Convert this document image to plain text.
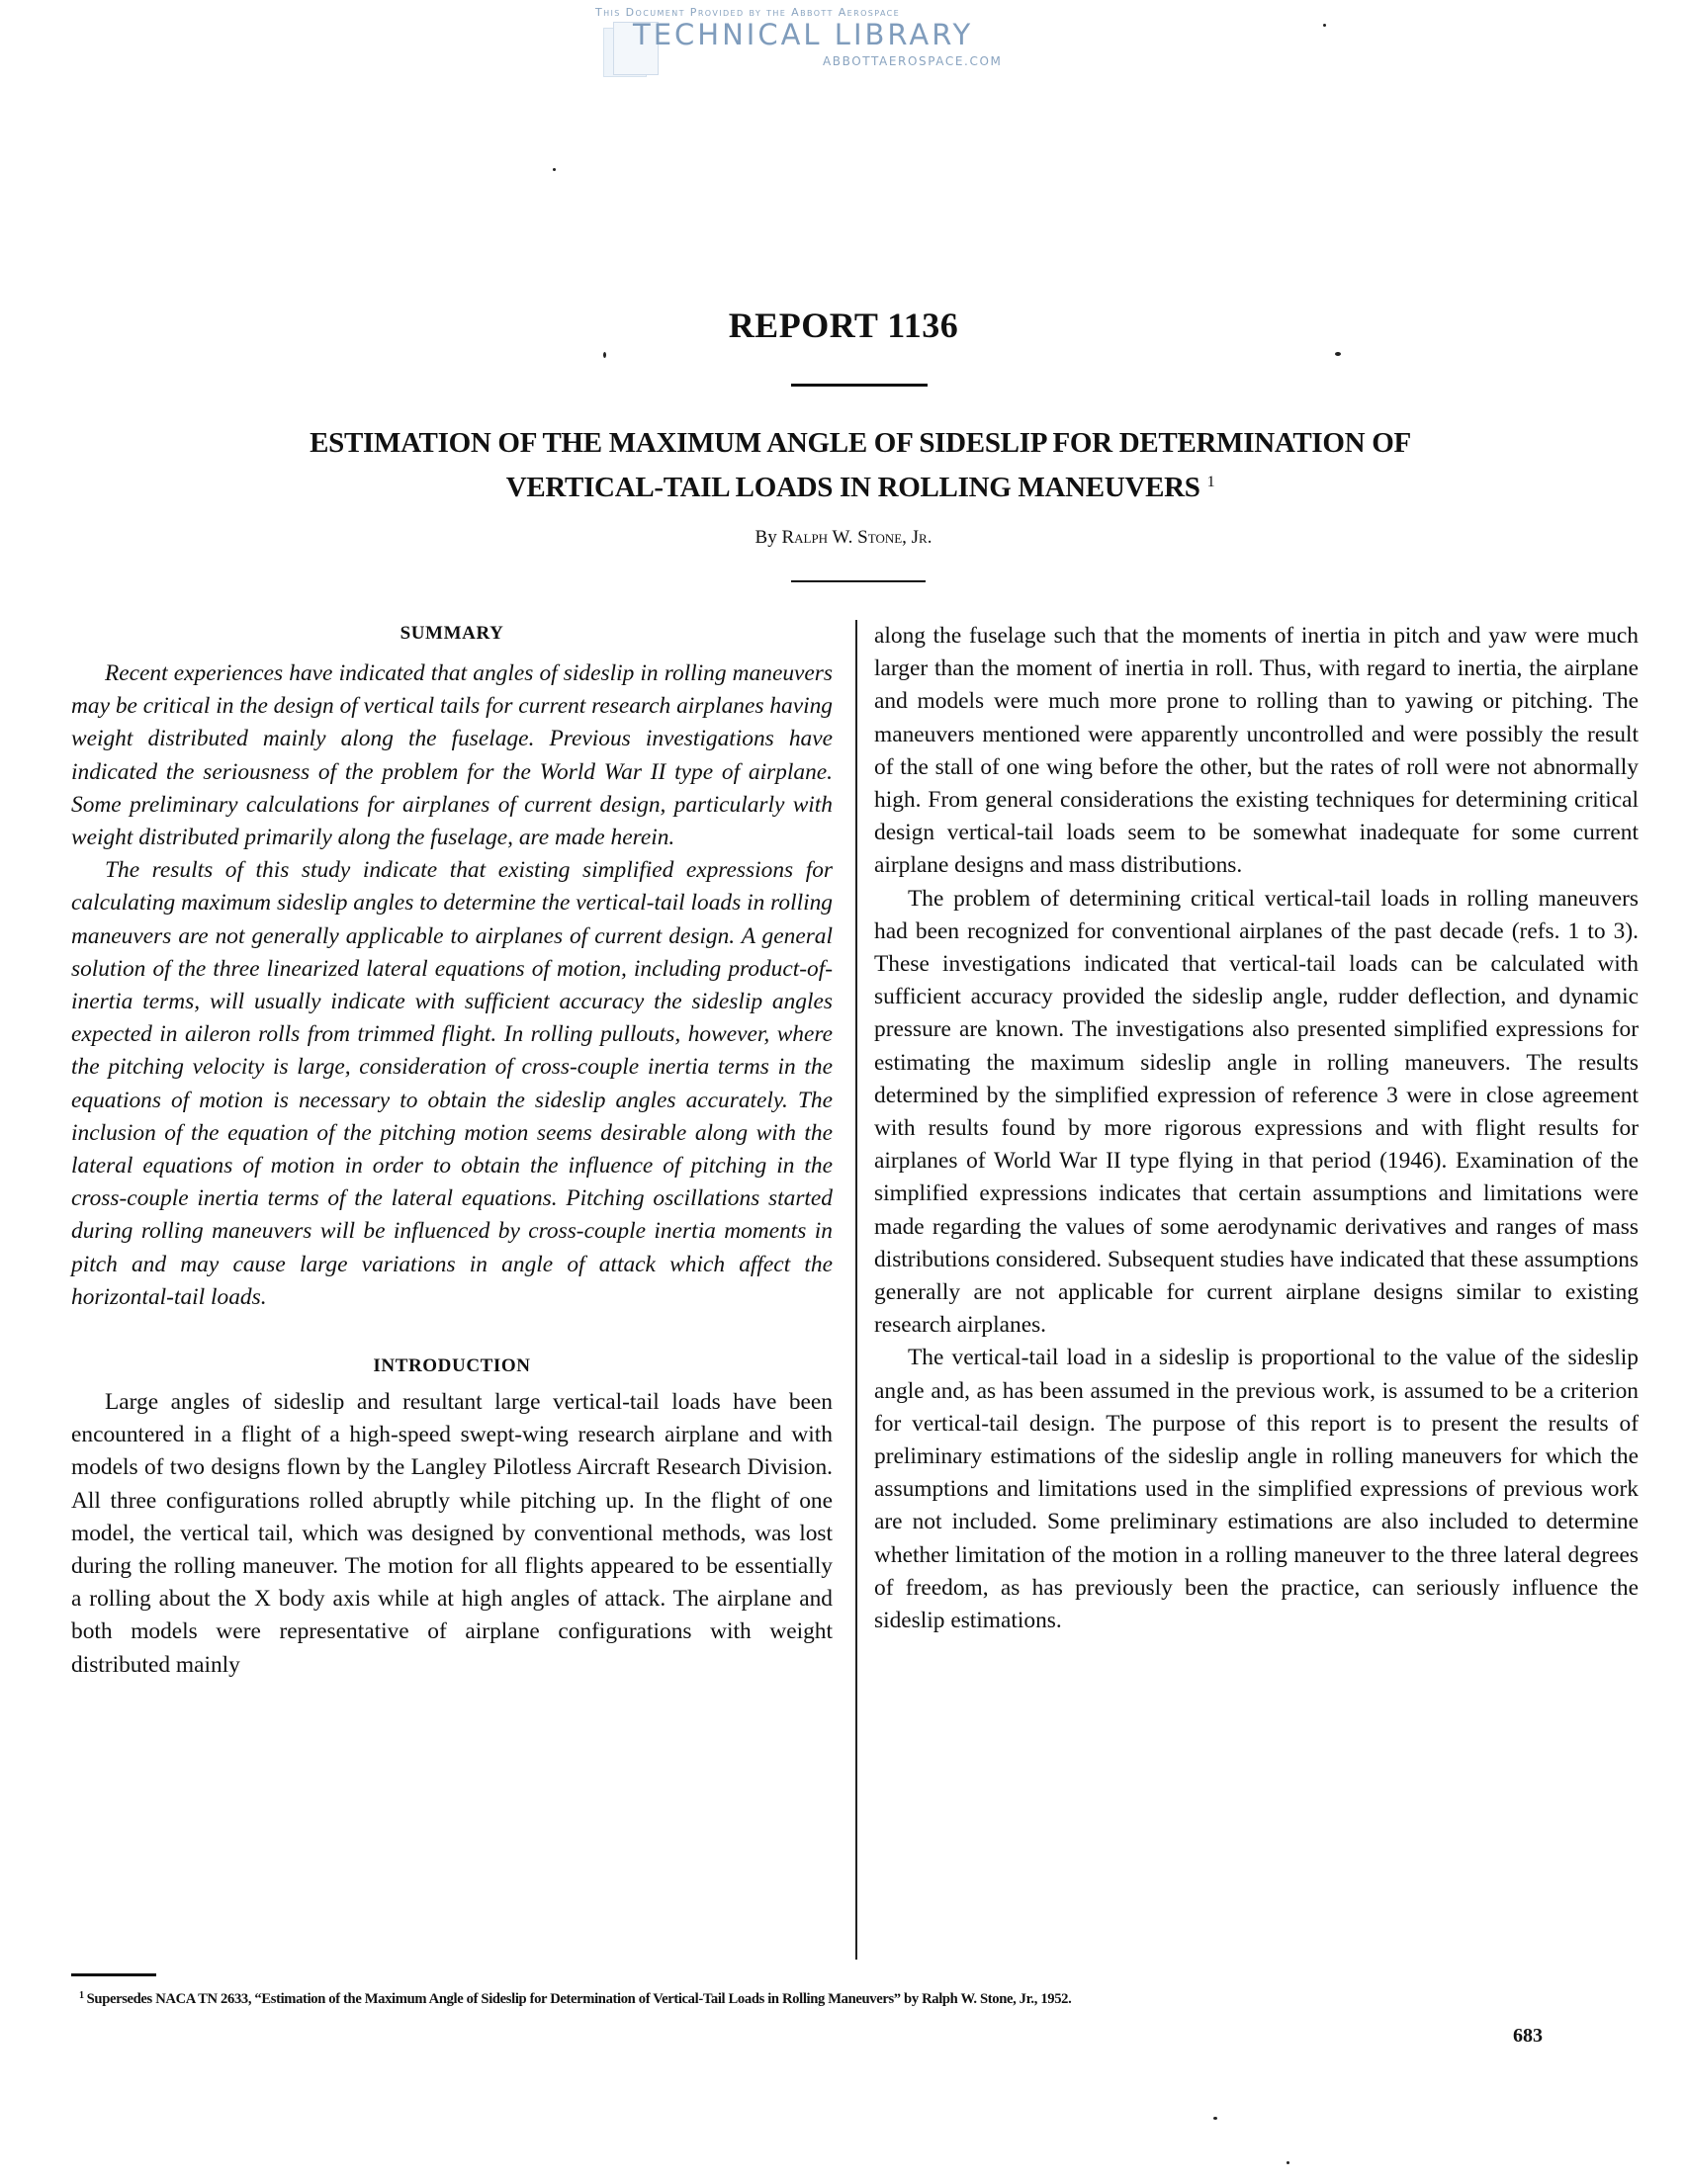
This Document Provided by the Abbott Aerospace
TECHNICAL LIBRARY
ABBOTTAEROSPACE.COM
REPORT 1136
ESTIMATION OF THE MAXIMUM ANGLE OF SIDESLIP FOR DETERMINATION OF
VERTICAL-TAIL LOADS IN ROLLING MANEUVERS $^1$
By Ralph W. Stone, Jr.
SUMMARY

Recent experiences have indicated that angles of sideslip in rolling maneuvers may be critical in the design of vertical tails for current research airplanes having weight distributed mainly along the fuselage. Previous investigations have indicated the seriousness of the problem for the World War II type of airplane. Some preliminary calculations for airplanes of current design, particularly with weight distributed primarily along the fuselage, are made herein.

The results of this study indicate that existing simplified expressions for calculating maximum sideslip angles to determine the vertical-tail loads in rolling maneuvers are not generally applicable to airplanes of current design. A general solution of the three linearized lateral equations of motion, including product-of-inertia terms, will usually indicate with sufficient accuracy the sideslip angles expected in aileron rolls from trimmed flight. In rolling pullouts, however, where the pitching velocity is large, consideration of cross-couple inertia terms in the equations of motion is necessary to obtain the sideslip angles accurately. The inclusion of the equation of the pitching motion seems desirable along with the lateral equations of motion in order to obtain the influence of pitching in the cross-couple inertia terms of the lateral equations. Pitching oscillations started during rolling maneuvers will be influenced by cross-couple inertia moments in pitch and may cause large variations in angle of attack which affect the horizontal-tail loads.

INTRODUCTION

Large angles of sideslip and resultant large vertical-tail loads have been encountered in a flight of a high-speed swept-wing research airplane and with models of two designs flown by the Langley Pilotless Aircraft Research Division. All three configurations rolled abruptly while pitching up. In the flight of one model, the vertical tail, which was designed by conventional methods, was lost during the rolling maneuver. The motion for all flights appeared to be essentially a rolling about the X body axis while at high angles of attack. The airplane and both models were representative of airplane configurations with weight distributed mainly

along the fuselage such that the moments of inertia in pitch and yaw were much larger than the moment of inertia in roll. Thus, with regard to inertia, the airplane and models were much more prone to rolling than to yawing or pitching. The maneuvers mentioned were apparently uncontrolled and were possibly the result of the stall of one wing before the other, but the rates of roll were not abnormally high. From general considerations the existing techniques for determining critical design vertical-tail loads seem to be somewhat inadequate for some current airplane designs and mass distributions.

The problem of determining critical vertical-tail loads in rolling maneuvers had been recognized for conventional airplanes of the past decade (refs. 1 to 3). These investigations indicated that vertical-tail loads can be calculated with sufficient accuracy provided the sideslip angle, rudder deflection, and dynamic pressure are known. The investigations also presented simplified expressions for estimating the maximum sideslip angle in rolling maneuvers. The results determined by the simplified expression of reference 3 were in close agreement with results found by more rigorous expressions and with flight results for airplanes of World War II type flying in that period (1946). Examination of the simplified expressions indicates that certain assumptions and limitations were made regarding the values of some aerodynamic derivatives and ranges of mass distributions considered. Subsequent studies have indicated that these assumptions generally are not applicable for current airplane designs similar to existing research airplanes.

The vertical-tail load in a sideslip is proportional to the value of the sideslip angle and, as has been assumed in the previous work, is assumed to be a criterion for vertical-tail design. The purpose of this report is to present the results of preliminary estimations of the sideslip angle in rolling maneuvers for which the assumptions and limitations used in the simplified expressions of previous work are not included. Some preliminary estimations are also included to determine whether limitation of the motion in a rolling maneuver to the three lateral degrees of freedom, as has previously been the practice, can seriously influence the sideslip estimations.

$^1$ Supersedes NACA TN 2633, “Estimation of the Maximum Angle of Sideslip for Determination of Vertical-Tail Loads in Rolling Maneuvers” by Ralph W. Stone, Jr., 1952.
683
